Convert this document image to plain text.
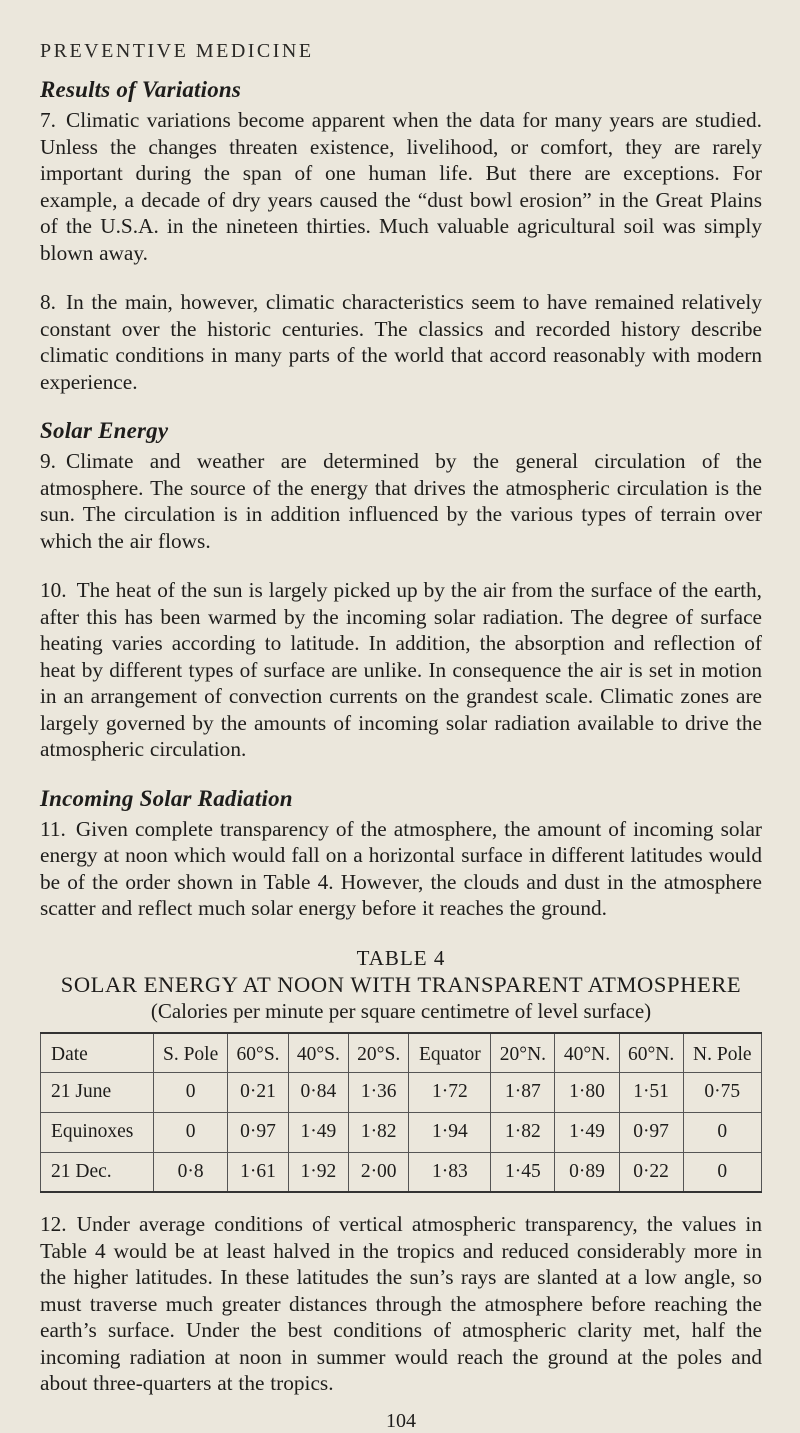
PREVENTIVE MEDICINE
Results of Variations

7. Climatic variations become apparent when the data for many years are studied. Unless the changes threaten existence, livelihood, or comfort, they are rarely important during the span of one human life. But there are exceptions. For example, a decade of dry years caused the “dust bowl erosion” in the Great Plains of the U.S.A. in the nineteen thirties. Much valuable agricultural soil was simply blown away.

8. In the main, however, climatic characteristics seem to have remained relatively constant over the historic centuries. The classics and recorded history describe climatic conditions in many parts of the world that accord reasonably with modern experience.

Solar Energy

9. Climate and weather are determined by the general circulation of the atmosphere. The source of the energy that drives the atmospheric circulation is the sun. The circulation is in addition influenced by the various types of terrain over which the air flows.

10. The heat of the sun is largely picked up by the air from the surface of the earth, after this has been warmed by the incoming solar radiation. The degree of surface heating varies according to latitude. In addition, the absorption and reflection of heat by different types of surface are unlike. In consequence the air is set in motion in an arrangement of convection currents on the grandest scale. Climatic zones are largely governed by the amounts of incoming solar radiation available to drive the atmospheric circulation.

Incoming Solar Radiation

11. Given complete transparency of the atmosphere, the amount of incoming solar energy at noon which would fall on a horizontal surface in different latitudes would be of the order shown in Table 4. However, the clouds and dust in the atmosphere scatter and reflect much solar energy before it reaches the ground.

TABLE 4
SOLAR ENERGY AT NOON WITH TRANSPARENT ATMOSPHERE
(Calories per minute per square centimetre of level surface)
Date	S. Pole	60°S.	40°S.	20°S.	Equator	20°N.	40°N.	60°N.	N. Pole
21 June	0	0·21	0·84	1·36	1·72	1·87	1·80	1·51	0·75
Equinoxes	0	0·97	1·49	1·82	1·94	1·82	1·49	0·97	0
21 Dec.	0·8	1·61	1·92	2·00	1·83	1·45	0·89	0·22	0

12. Under average conditions of vertical atmospheric transparency, the values in Table 4 would be at least halved in the tropics and reduced considerably more in the higher latitudes. In these latitudes the sun’s rays are slanted at a low angle, so must traverse much greater distances through the atmosphere before reaching the earth’s surface. Under the best conditions of atmospheric clarity met, half the incoming radiation at noon in summer would reach the ground at the poles and about three-quarters at the tropics.

104
